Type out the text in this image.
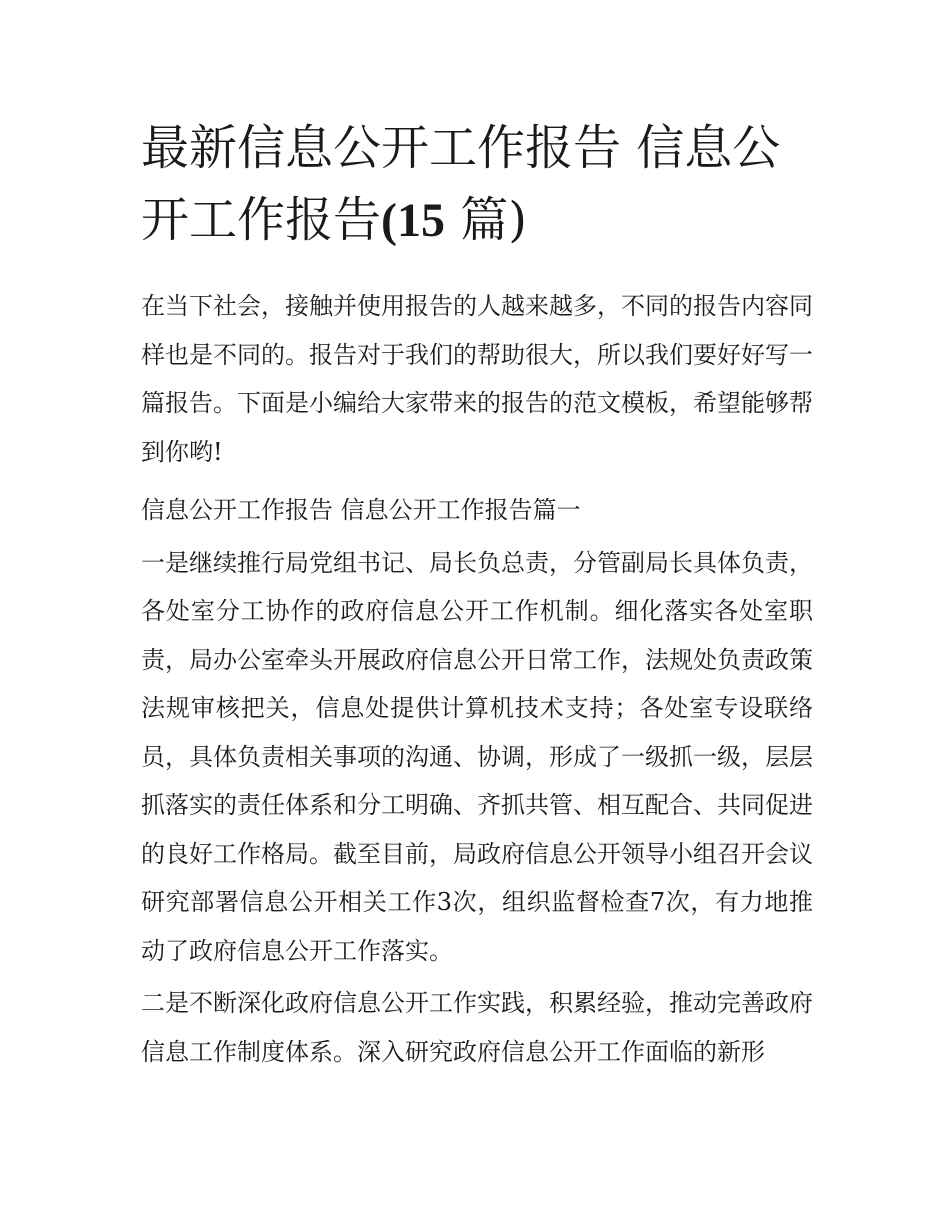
最新信息公开工作报告 信息公开工作报告(15 篇)

在当下社会，接触并使用报告的人越来越多，不同的报告内容同样也是不同的。报告对于我们的帮助很大，所以我们要好好写一篇报告。下面是小编给大家带来的报告的范文模板，希望能够帮到你哟!

信息公开工作报告 信息公开工作报告篇一

一是继续推行局党组书记、局长负总责，分管副局长具体负责，各处室分工协作的政府信息公开工作机制。细化落实各处室职责，局办公室牵头开展政府信息公开日常工作，法规处负责政策法规审核把关，信息处提供计算机技术支持；各处室专设联络员，具体负责相关事项的沟通、协调，形成了一级抓一级，层层抓落实的责任体系和分工明确、齐抓共管、相互配合、共同促进的良好工作格局。截至目前，局政府信息公开领导小组召开会议研究部署信息公开相关工作3次，组织监督检查7次，有力地推动了政府信息公开工作落实。

二是不断深化政府信息公开工作实践，积累经验，推动完善政府信息工作制度体系。深入研究政府信息公开工作面临的新形
